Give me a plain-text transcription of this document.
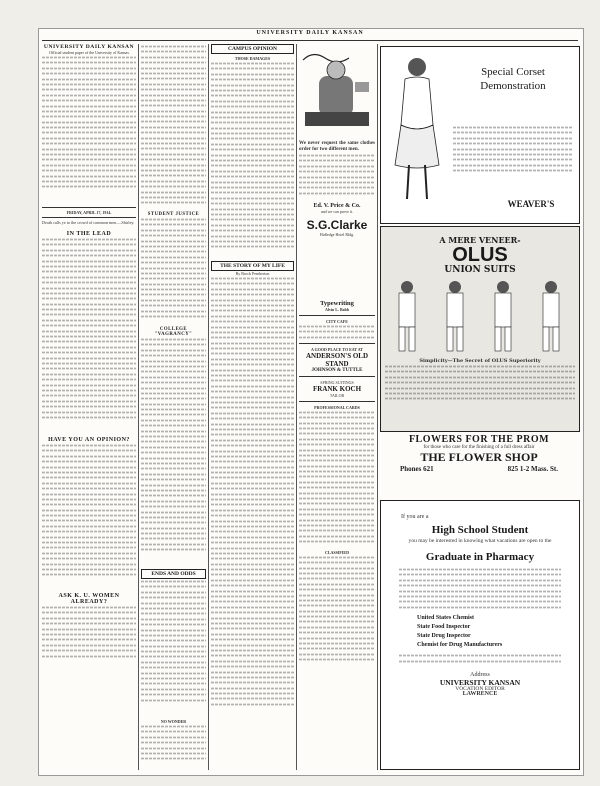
UNIVERSITY DAILY KANSAN
UNIVERSITY DAILY KANSAN
Official student paper of the University of Kansas
FRIDAY, APRIL 17, 1914.
Death calls ye to the crowd of common men.—Shirley.
IN THE LEAD
HAVE YOU AN OPINION?
ASK K. U. WOMEN ALREADY?
STUDENT JUSTICE
COLLEGE "VAGRANCY"
ENDS AND ODDS
NO WONDER
CAMPUS OPINION
THOSE DAMAGES
THE STORY OF MY LIFE
By Brock Pemberton
We never request the same clothes order for two different men.
Ed. V. Price & Co.
and we can prove it.
S.G.Clarke
Hidledge Hotel Bldg.
Typewriting
Alvin L. Babb
CITY CAFE
A GOOD PLACE TO EAT AT
ANDERSON'S OLD STAND
JOHNSON & TUTTLE
SPRING SUITINGS
FRANK KOCH
TAILOR
PROFESSIONAL CARDS
CLASSIFIED
Special Corset Demonstration
WEAVER'S
A MERE VENEER-
OLUS
UNION SUITS
Simplicity—The Secret of OLUS Superiority
FLOWERS FOR THE PROM
for those who care for the finishing of a full dress affair
THE FLOWER SHOP
Phones 621	825 1-2 Mass. St.
If you are a
High School Student
you may be interested in knowing what vacations are open to the
Graduate in Pharmacy
United States Chemist
State Food Inspector
State Drug Inspector
Chemist for Drug Manufacturers
Address
UNIVERSITY KANSAN
VOCATION EDITOR
LAWRENCE
